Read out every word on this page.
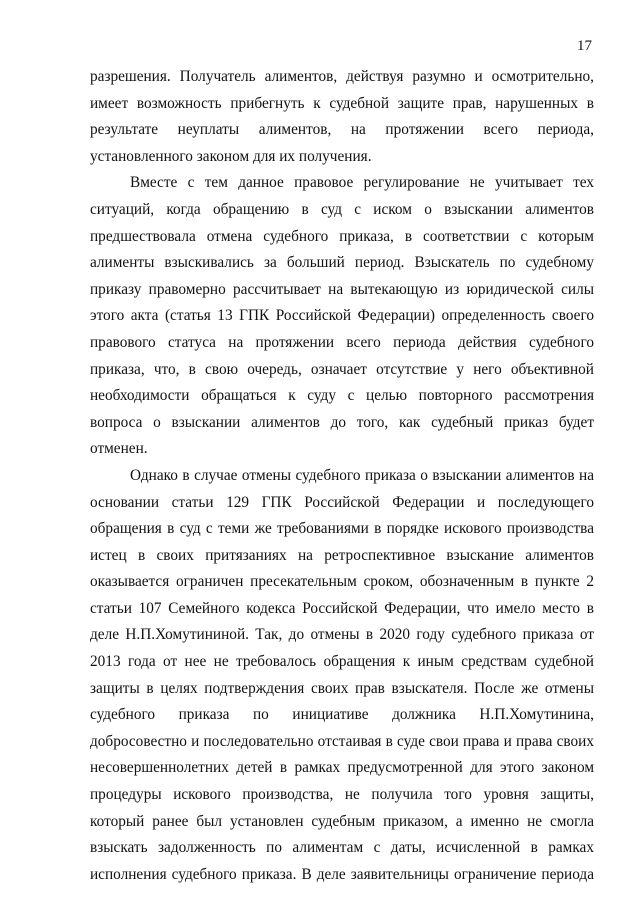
17
разрешения. Получатель алиментов, действуя разумно и осмотрительно,
имеет возможность прибегнуть к судебной защите прав, нарушенных в
результате неуплаты алиментов, на протяжении всего периода,
установленного законом для их получения.
Вместе с тем данное правовое регулирование не учитывает тех
ситуаций, когда обращению в суд с иском о взыскании алиментов
предшествовала отмена судебного приказа, в соответствии с которым
алименты взыскивались за больший период. Взыскатель по судебному
приказу правомерно рассчитывает на вытекающую из юридической силы
этого акта (статья 13 ГПК Российской Федерации) определенность своего
правового статуса на протяжении всего периода действия судебного
приказа, что, в свою очередь, означает отсутствие у него объективной
необходимости обращаться к суду с целью повторного рассмотрения
вопроса о взыскании алиментов до того, как судебный приказ будет
отменен.
Однако в случае отмены судебного приказа о взыскании алиментов на
основании статьи 129 ГПК Российской Федерации и последующего
обращения в суд с теми же требованиями в порядке искового производства
истец в своих притязаниях на ретроспективное взыскание алиментов
оказывается ограничен пресекательным сроком, обозначенным в пункте 2
статьи 107 Семейного кодекса Российской Федерации, что имело место в
деле Н.П.Хомутининой. Так, до отмены в 2020 году судебного приказа от
2013 года от нее не требовалось обращения к иным средствам судебной
защиты в целях подтверждения своих прав взыскателя. После же отмены
судебного приказа по инициативе должника Н.П.Хомутинина,
добросовестно и последовательно отстаивая в суде свои права и права своих
несовершеннолетних детей в рамках предусмотренной для этого законом
процедуры искового производства, не получила того уровня защиты,
который ранее был установлен судебным приказом, а именно не смогла
взыскать задолженность по алиментам с даты, исчисленной в рамках
исполнения судебного приказа. В деле заявительницы ограничение периода
